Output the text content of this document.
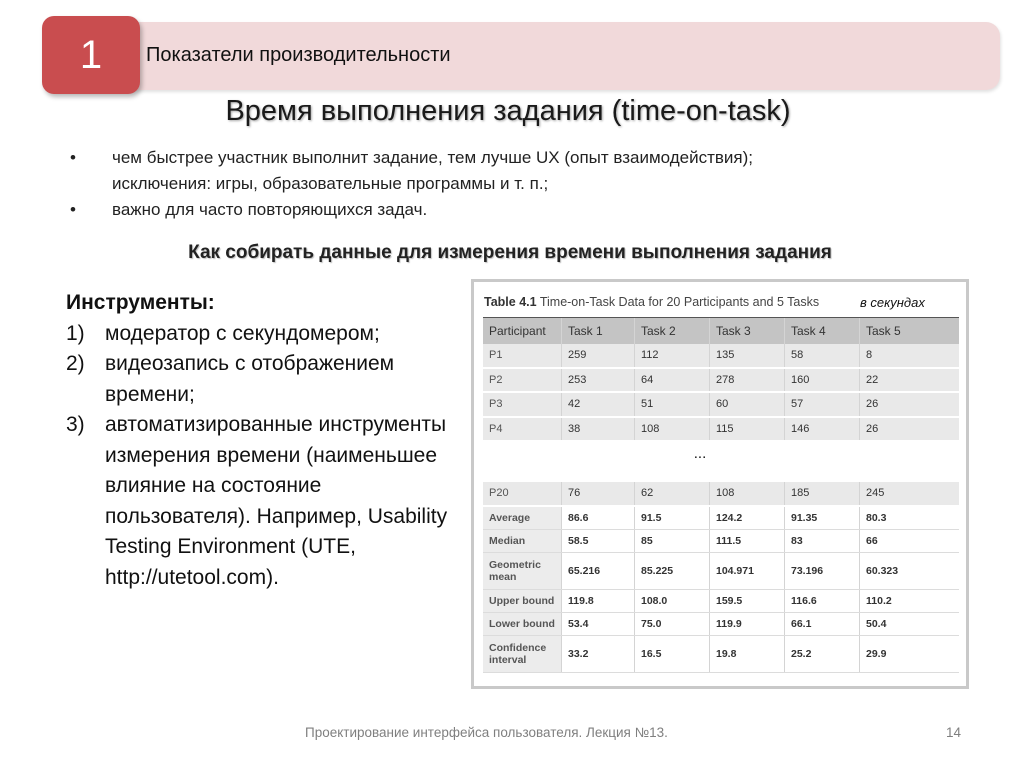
Показатели производительности
1
Время выполнения задания (time-on-task)
• чем быстрее участник выполнит задание, тем лучше UX (опыт взаимодействия);
исключения: игры, образовательные программы и т. п.;
• важно для часто повторяющихся задач.
Как собирать данные для измерения времени выполнения задания
Инструменты:
1) модератор с секундомером;
2) видеозапись с отображением времени;
3) автоматизированные инструменты измерения времени (наименьшее влияние на состояние пользователя). Например, Usability Testing Environment (UTE, http://utetool.com).
Table 4.1 Time-on-Task Data for 20 Participants and 5 Tasks	в секундах
Participant	Task 1	Task 2	Task 3	Task 4	Task 5
P1	259	112	135	58	8
P2	253	64	278	160	22
P3	42	51	60	57	26
P4	38	108	115	146	26

P20	76	62	108	185	245
Average	86.6	91.5	124.2	91.35	80.3
Median	58.5	85	111.5	83	66
Geometric mean	65.216	85.225	104.971	73.196	60.323
Upper bound	119.8	108.0	159.5	116.6	110.2
Lower bound	53.4	75.0	119.9	66.1	50.4
Confidence interval	33.2	16.5	19.8	25.2	29.9
...
Проектирование интерфейса пользователя. Лекция №13.	14
